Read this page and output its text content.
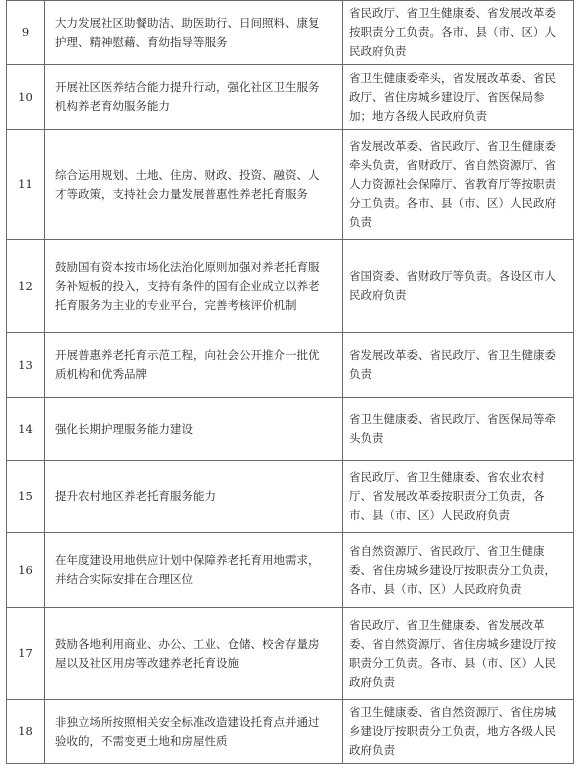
9	大力发展社区助餐助洁、助医助行、日间照料、康复护理、精神慰藉、育幼指导等服务	省民政厅、省卫生健康委、省发展改革委按职责分工负责。各市、县（市、区）人民政府负责
10	开展社区医养结合能力提升行动，强化社区卫生服务机构养老育幼服务能力	省卫生健康委牵头，省发展改革委、省民政厅、省住房城乡建设厅、省医保局参加；地方各级人民政府负责
11	综合运用规划、土地、住房、财政、投资、融资、人才等政策，支持社会力量发展普惠性养老托育服务	省发展改革委、省民政厅、省卫生健康委牵头负责，省财政厅、省自然资源厅、省人力资源社会保障厅、省教育厅等按职责分工负责。各市、县（市、区）人民政府负责
12	鼓励国有资本按市场化法治化原则加强对养老托育服务补短板的投入，支持有条件的国有企业成立以养老托育服务为主业的专业平台，完善考核评价机制	省国资委、省财政厅等负责。各设区市人民政府负责
13	开展普惠养老托育示范工程，向社会公开推介一批优质机构和优秀品牌	省发展改革委、省民政厅、省卫生健康委负责
14	强化长期护理服务能力建设	省卫生健康委、省民政厅、省医保局等牵头负责
15	提升农村地区养老托育服务能力	省民政厅、省卫生健康委、省农业农村厅、省发展改革委按职责分工负责，各市、县（市、区）人民政府负责
16	在年度建设用地供应计划中保障养老托育用地需求，并结合实际安排在合理区位	省自然资源厅、省民政厅、省卫生健康委、省住房城乡建设厅按职责分工负责，各市、县（市、区）人民政府负责
17	鼓励各地利用商业、办公、工业、仓储、校舍存量房屋以及社区用房等改建养老托育设施	省民政厅、省卫生健康委、省发展改革委、省自然资源厅、省住房城乡建设厅按职责分工负责。各市、县（市、区）人民政府负责
18	非独立场所按照相关安全标准改造建设托育点并通过验收的，不需变更土地和房屋性质	省卫生健康委、省自然资源厅、省住房城乡建设厅按职责分工负责，地方各级人民政府负责
